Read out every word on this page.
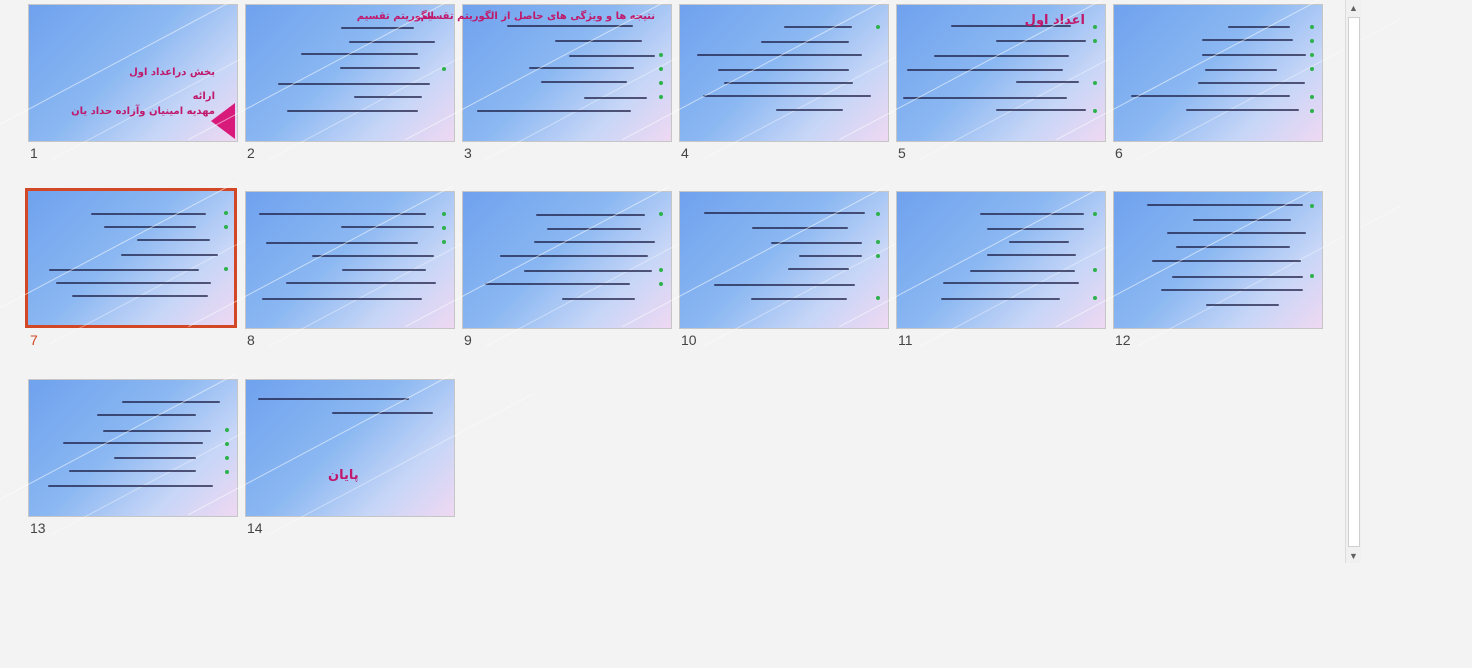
بخش دراعداد اول
ارائه
مهدیه امینیان وآزاده حداد یان
1
الگوریتم تقسیم
2
نتیجه ها و ویژگی های حاصل از الگوریتم تقسیم
3	4
اعداد اول
5	6
7	8	9	10	11	12
13
پایان
14
▲
▼
